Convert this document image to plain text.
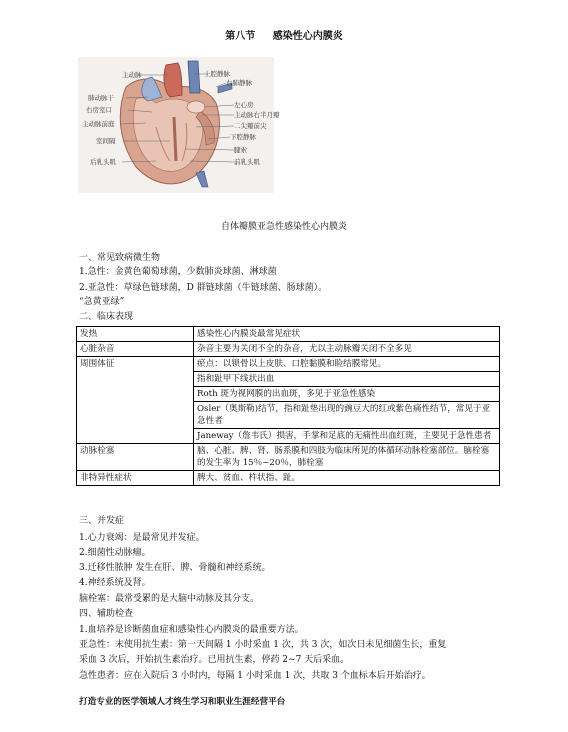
第八节 感染性心内膜炎
主动脉	上腔静脉
右肺静脉
肺动脉干
右房室口
主动脉前庭
左心房
主动脉右半月瓣
室间隔
二尖瓣前尖
下腔静脉
腱索
后乳头肌	前乳头肌
自体瓣膜亚急性感染性心内膜炎
一、常见致病微生物
1.急性：金黄色葡萄球菌，少数肺炎球菌、淋球菌
2.亚急性：草绿色链球菌，D 群链球菌（牛链球菌、肠球菌）。
“急黄亚绿”
二、临床表现
发热	感染性心内膜炎最常见症状
心脏杂音	杂音主要为关闭不全的杂音，尤以主动脉瓣关闭不全多见
周围体征	瘀点：以锁骨以上皮肤、口腔黏膜和睑结膜常见。
	指和趾甲下线状出血
	Roth 斑为视网膜的出血斑，多见于亚急性感染
	Osler（奥斯勒)结节，指和趾垫出现的豌豆大的红或紫色痛性结节，常见于亚急性者
	Janeway（詹韦氏）损害，手掌和足底的无痛性出血红斑，主要见于急性患者
动脉栓塞	脑、心脏、脾、肾、肠系膜和四肢为临床所见的体循环动脉栓塞部位。脑栓塞的发生率为 15％~20％，肺栓塞
非特异性症状	脾大、贫血、杵状指、趾。
三、并发症
1.心力衰竭：是最常见并发症。
2.细菌性动脉瘤。
3.迁移性脓肿 发生在肝、脾、骨髓和神经系统。
4.神经系统及肾。
脑栓塞：最常受累的是大脑中动脉及其分支。
四、辅助检查
1.血培养是诊断菌血症和感染性心内膜炎的最重要方法。
亚急性：未使用抗生素：第一天间隔 1 小时采血 1 次，共 3 次，如次日未见细菌生长，重复
采血 3 次后，开始抗生素治疗。已用抗生素，停药 2~7 天后采血。
急性患者：应在入院后 3 小时内，每隔 1 小时采血 1 次，共取 3 个血标本后开始治疗。
打造专业的医学领域人才终生学习和职业生涯经营平台
